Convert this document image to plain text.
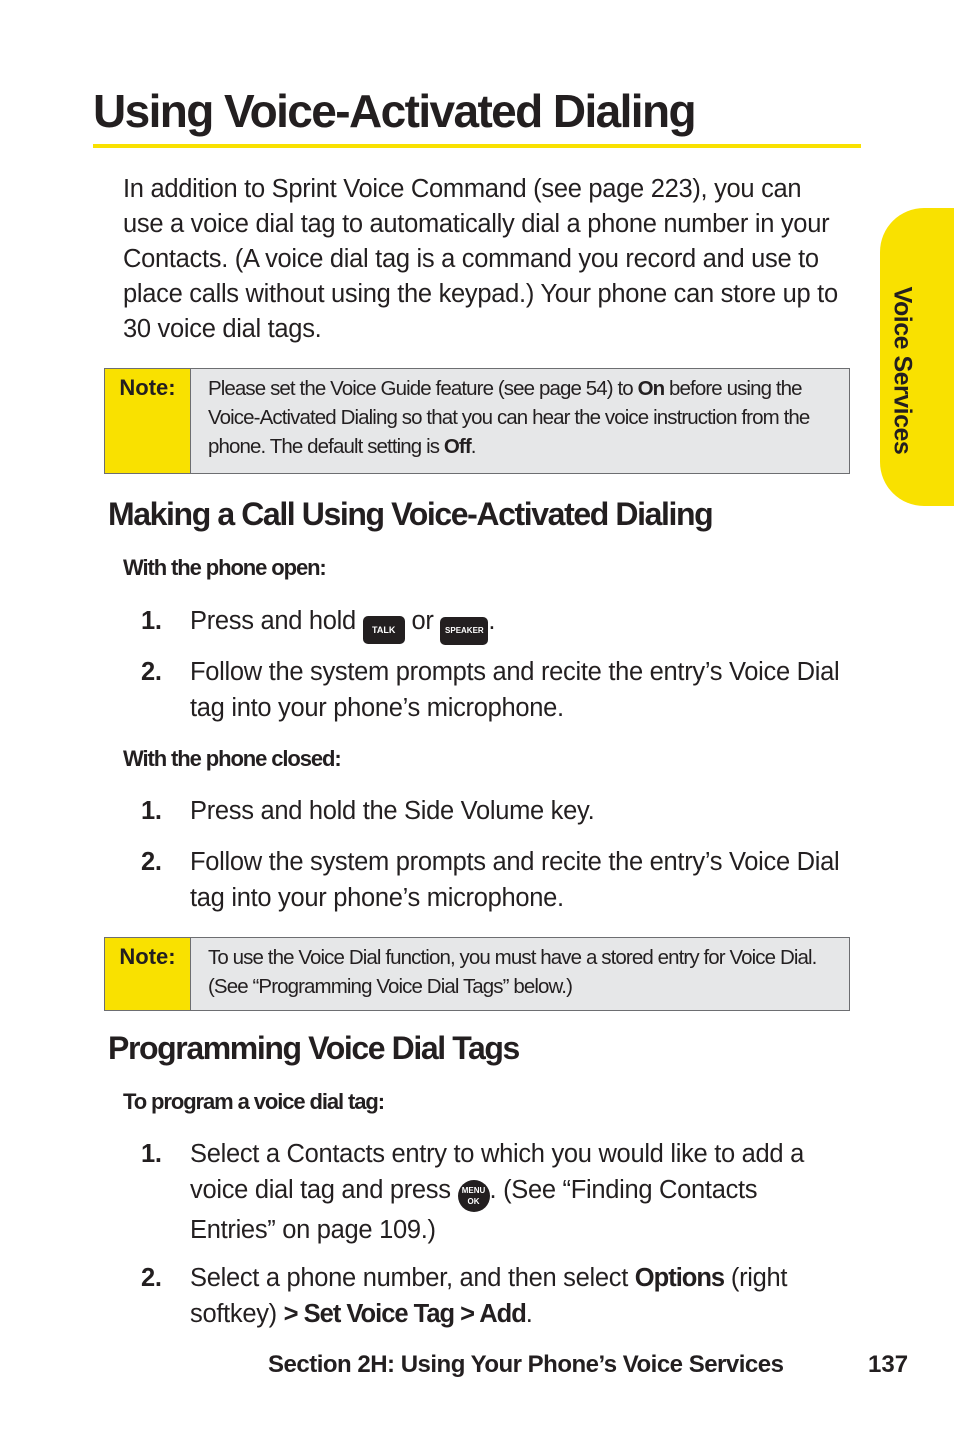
Using Voice-Activated Dialing

In addition to Sprint Voice Command (see page 223), you can use a voice dial tag to automatically dial a phone number in your Contacts. (A voice dial tag is a command you record and use to place calls without using the keypad.) Your phone can store up to 30 voice dial tags.

Note:	Please set the Voice Guide feature (see page 54) to On before using the Voice-Activated Dialing so that you can hear the voice instruction from the phone. The default setting is Off.
Making a Call Using Voice-Activated Dialing
With the phone open:
1. Press and hold TALK or SPEAKER .
2. Follow the system prompts and recite the entry’s Voice Dial tag into your phone’s microphone.
With the phone closed:
1. Press and hold the Side Volume key.
2. Follow the system prompts and recite the entry’s Voice Dial tag into your phone’s microphone.
Note:	To use the Voice Dial function, you must have a stored entry for Voice Dial. (See “Programming Voice Dial Tags” below.)
Programming Voice Dial Tags
To program a voice dial tag:
1. Select a Contacts entry to which you would like to add a voice dial tag and press MENU
OK . (See “Finding Contacts Entries” on page 109.)
2. Select a phone number, and then select Options (right softkey) > Set Voice Tag > Add.
Voice Services
Section 2H: Using Your Phone’s Voice Services	137
